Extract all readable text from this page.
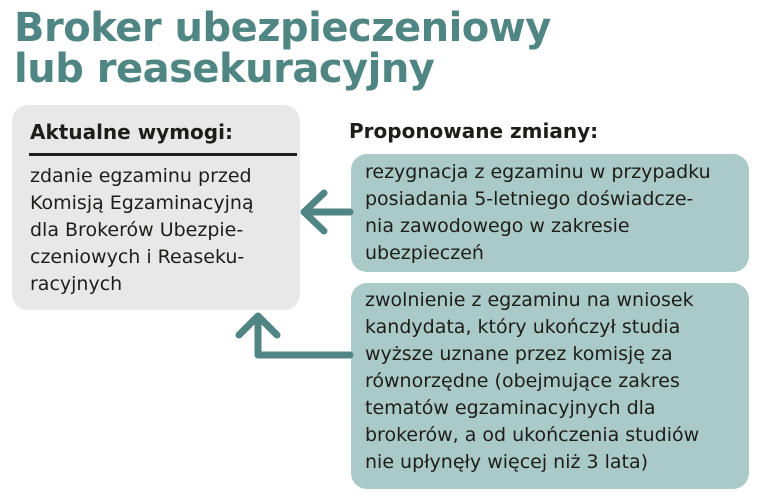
Broker ubezpieczeniowy
lub reasekuracyjny

Aktualne wymogi:

zdanie egzaminu przed
Komisją Egzaminacyjną
dla Brokerów Ubezpie-
czeniowych i Reaseku-
racyjnych

Proponowane zmiany:

rezygnacja z egzaminu w przypadku
posiadania 5-letniego doświadcze-
nia zawodowego w zakresie
ubezpieczeń

zwolnienie z egzaminu na wniosek
kandydata, który ukończył studia
wyższe uznane przez komisję za
równorzędne (obejmujące zakres
tematów egzaminacyjnych dla
brokerów, a od ukończenia studiów
nie upłynęły więcej niż 3 lata)
